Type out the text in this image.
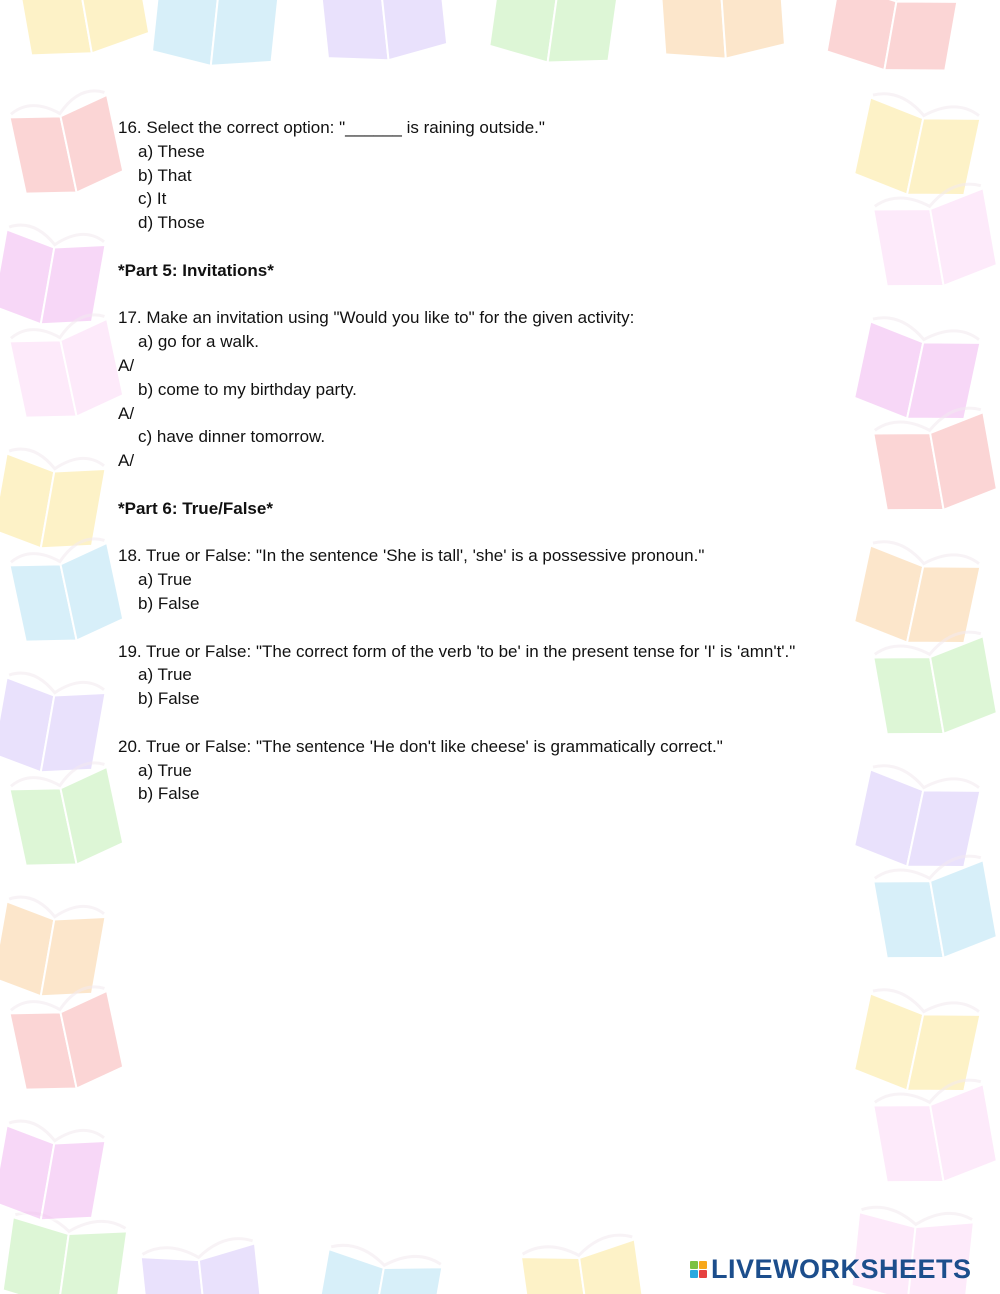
16. Select the correct option: "______ is raining outside."
a) These
b) That
c) It
d) Those
*Part 5: Invitations*
17. Make an invitation using "Would you like to" for the given activity:
a) go for a walk.
A/
b) come to my birthday party.
A/
c) have dinner tomorrow.
A/
*Part 6: True/False*
18. True or False: "In the sentence 'She is tall', 'she' is a possessive pronoun."
a) True
b) False
19. True or False: "The correct form of the verb 'to be' in the present tense for 'I' is 'amn't'."
a) True
b) False
20. True or False: "The sentence 'He don't like cheese' is grammatically correct."
a) True
b) False
LIVEWORKSHEETS
